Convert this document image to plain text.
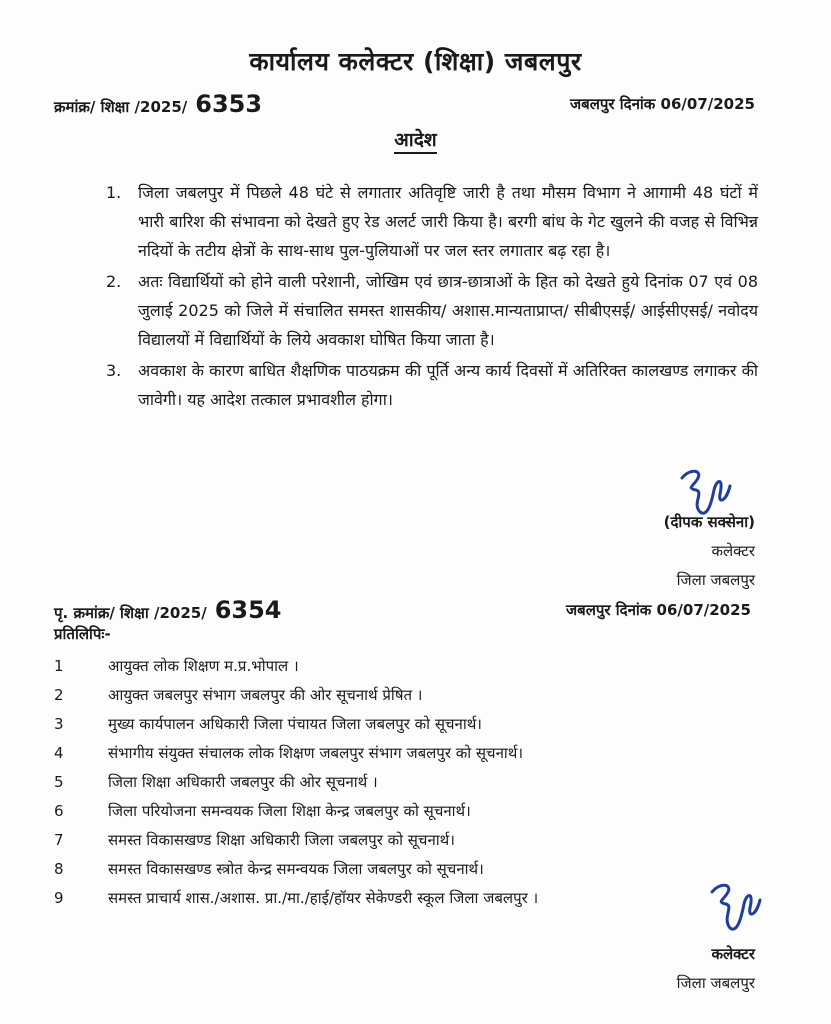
कार्यालय कलेक्टर (शिक्षा) जबलपुर
क्रमांक्र/ शिक्षा /2025/ 6353	जबलपुर दिनांक 06/07/2025
आदेश
1.	जिला जबलपुर में पिछले 48 घंटे से लगातार अतिवृष्टि जारी है तथा मौसम विभाग ने आगामी 48 घंटों में भारी बारिश की संभावना को देखते हुए रेड अलर्ट जारी किया है। बरगी बांध के गेट खुलने की वजह से विभिन्न नदियों के तटीय क्षेत्रों के साथ-साथ पुल-पुलियाओं पर जल स्तर लगातार बढ़ रहा है।
2.	अतः विद्यार्थियों को होने वाली परेशानी, जोखिम एवं छात्र-छात्राओं के हित को देखते हुये दिनांक 07 एवं 08 जुलाई 2025 को जिले में संचालित समस्त शासकीय/ अशास.मान्यताप्राप्त/ सीबीएसई/ आईसीएसई/ नवोदय विद्यालयों में विद्यार्थियों के लिये अवकाश घोषित किया जाता है।
3.	अवकाश के कारण बाधित शैक्षणिक पाठयक्रम की पूर्ति अन्य कार्य दिवसों में अतिरिक्त कालखण्ड लगाकर की जावेगी। यह आदेश तत्काल प्रभावशील होगा।
(दीपक सक्सेना)
कलेक्टर
जिला जबलपुर
पृ. क्रमांक्र/ शिक्षा /2025/ 6354	जबलपुर दिनांक 06/07/2025
प्रतिलिपिः-
1	आयुक्त लोक शिक्षण म.प्र.भोपाल ।
2	आयुक्त जबलपुर संभाग जबलपुर की ओर सूचनार्थ प्रेषित ।
3	मुख्य कार्यपालन अधिकारी जिला पंचायत जिला जबलपुर को सूचनार्थ।
4	संभागीय संयुक्त संचालक लोक शिक्षण जबलपुर संभाग जबलपुर को सूचनार्थ।
5	जिला शिक्षा अधिकारी जबलपुर की ओर सूचनार्थ ।
6	जिला परियोजना समन्वयक जिला शिक्षा केन्द्र जबलपुर को सूचनार्थ।
7	समस्त विकासखण्ड शिक्षा अधिकारी जिला जबलपुर को सूचनार्थ।
8	समस्त विकासखण्ड स्त्रोत केन्द्र समन्वयक जिला जबलपुर को सूचनार्थ।
9	समस्त प्राचार्य शास./अशास. प्रा./मा./हाई/हॉयर सेकेण्डरी स्कूल जिला जबलपुर ।
कलेक्टर
जिला जबलपुर
